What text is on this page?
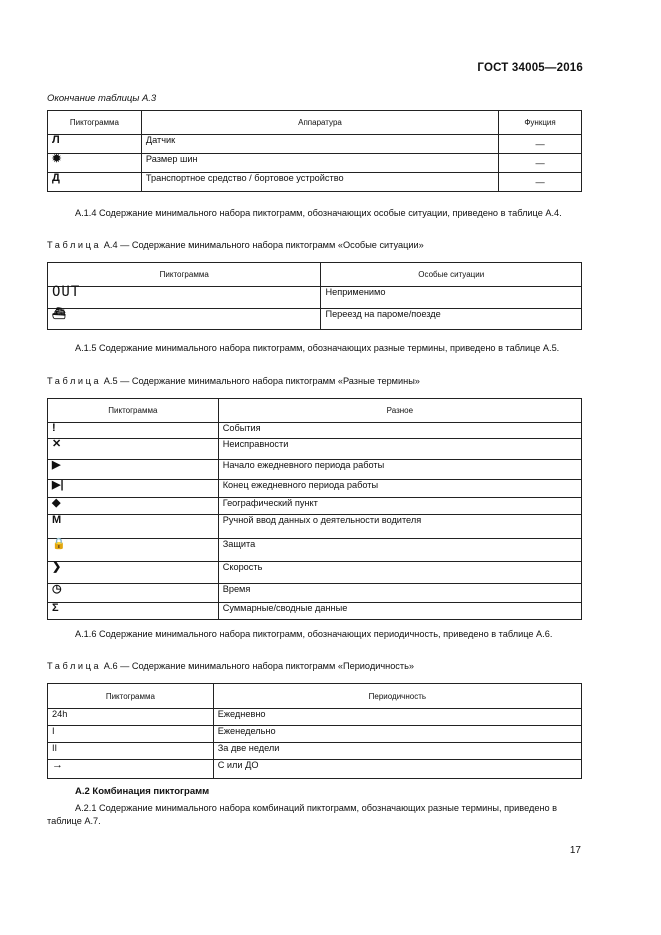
ГОСТ 34005—2016
Окончание таблицы А.3
Пиктограмма	Аппаратура	Функция
Л	Датчик	—
✹	Размер шин	—
Д	Транспортное средство / бортовое устройство	—
А.1.4 Содержание минимального набора пиктограмм, обозначающих особые ситуации, приведено в таблице А.4.
Таблица А.4 — Содержание минимального набора пиктограмм «Особые ситуации»
Пиктограмма	Особые ситуации
OUT	Неприменимо
⛴	Переезд на пароме/поезде
А.1.5 Содержание минимального набора пиктограмм, обозначающих разные термины, приведено в таблице А.5.
Таблица А.5 — Содержание минимального набора пиктограмм «Разные термины»
Пиктограмма	Разное
!	События
✕	Неисправности
▶	Начало ежедневного периода работы
▶|	Конец ежедневного периода работы
◆	Географический пункт
M	Ручной ввод данных о деятельности водителя
🔒	Защита
❯	Скорость
◷	Время
Σ	Суммарные/сводные данные
А.1.6 Содержание минимального набора пиктограмм, обозначающих периодичность, приведено в таблице А.6.
Таблица А.6 — Содержание минимального набора пиктограмм «Периодичность»
Пиктограмма	Периодичность
24h	Ежедневно
I	Еженедельно
II	За две недели
→	С или ДО
А.2 Комбинация пиктограмм
А.2.1 Содержание минимального набора комбинаций пиктограмм, обозначающих разные термины, приведено в таблице А.7.
17
